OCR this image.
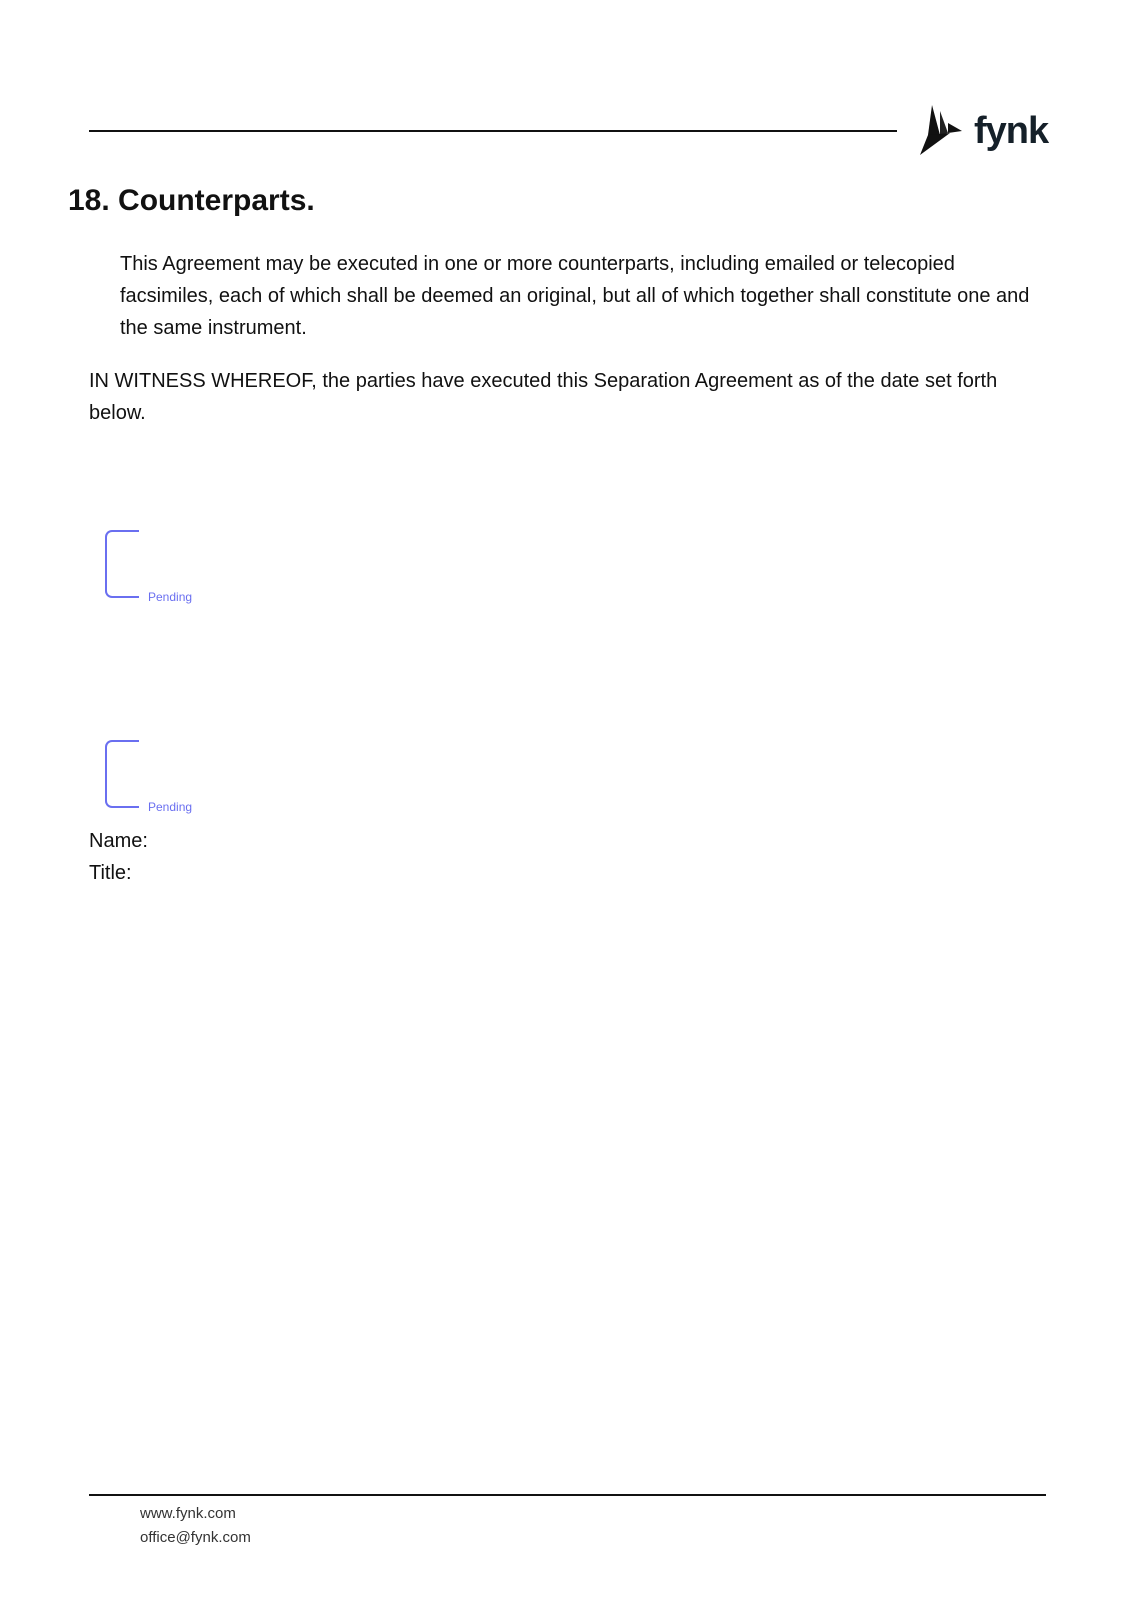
fynk
18. Counterparts.

This Agreement may be executed in one or more counterparts, including emailed or telecopied facsimiles, each of which shall be deemed an original, but all of which together shall constitute one and the same instrument.

IN WITNESS WHEREOF, the parties have executed this Separation Agreement as of the date set forth below.

Pending
Pending
Name:
Title:
www.fynk.com
office@fynk.com
